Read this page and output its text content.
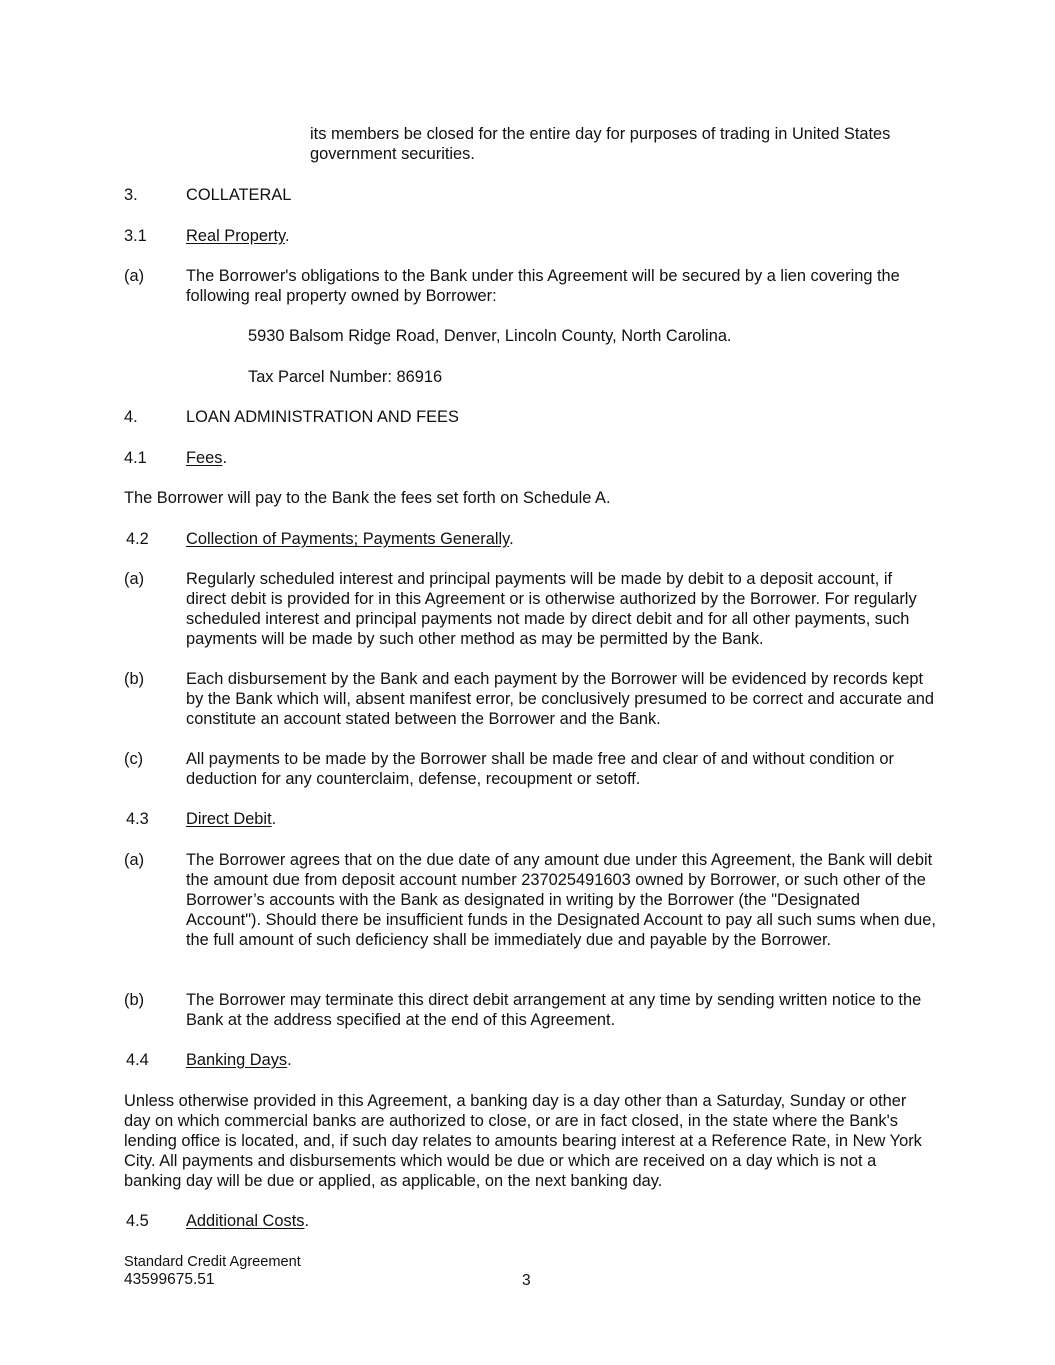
its members be closed for the entire day for purposes of trading in United States government securities.

3.	COLLATERAL

3.1 Real Property.

(a)	The Borrower's obligations to the Bank under this Agreement will be secured by a lien covering the following real property owned by Borrower:

5930 Balsom Ridge Road, Denver, Lincoln County, North Carolina.

Tax Parcel Number: 86916

4.	LOAN ADMINISTRATION AND FEES

4.1 Fees.

The Borrower will pay to the Bank the fees set forth on Schedule A.

4.2 Collection of Payments; Payments Generally.

(a)	Regularly scheduled interest and principal payments will be made by debit to a deposit account, if direct debit is provided for in this Agreement or is otherwise authorized by the Borrower. For regularly scheduled interest and principal payments not made by direct debit and for all other payments, such payments will be made by such other method as may be permitted by the Bank.

(b)	Each disbursement by the Bank and each payment by the Borrower will be evidenced by records kept by the Bank which will, absent manifest error, be conclusively presumed to be correct and accurate and constitute an account stated between the Borrower and the Bank.

(c)	All payments to be made by the Borrower shall be made free and clear of and without condition or deduction for any counterclaim, defense, recoupment or setoff.

4.3 Direct Debit.

(a)	The Borrower agrees that on the due date of any amount due under this Agreement, the Bank will debit the amount due from deposit account number 237025491603 owned by Borrower, or such other of the Borrower’s accounts with the Bank as designated in writing by the Borrower (the "Designated Account"). Should there be insufficient funds in the Designated Account to pay all such sums when due, the full amount of such deficiency shall be immediately due and payable by the Borrower.

(b)	The Borrower may terminate this direct debit arrangement at any time by sending written notice to the Bank at the address specified at the end of this Agreement.

4.4 Banking Days.

Unless otherwise provided in this Agreement, a banking day is a day other than a Saturday, Sunday or other day on which commercial banks are authorized to close, or are in fact closed, in the state where the Bank's lending office is located, and, if such day relates to amounts bearing interest at a Reference Rate, in New York City. All payments and disbursements which would be due or which are received on a day which is not a banking day will be due or applied, as applicable, on the next banking day.

4.5 Additional Costs.

Standard Credit Agreement

43599675.51	3
